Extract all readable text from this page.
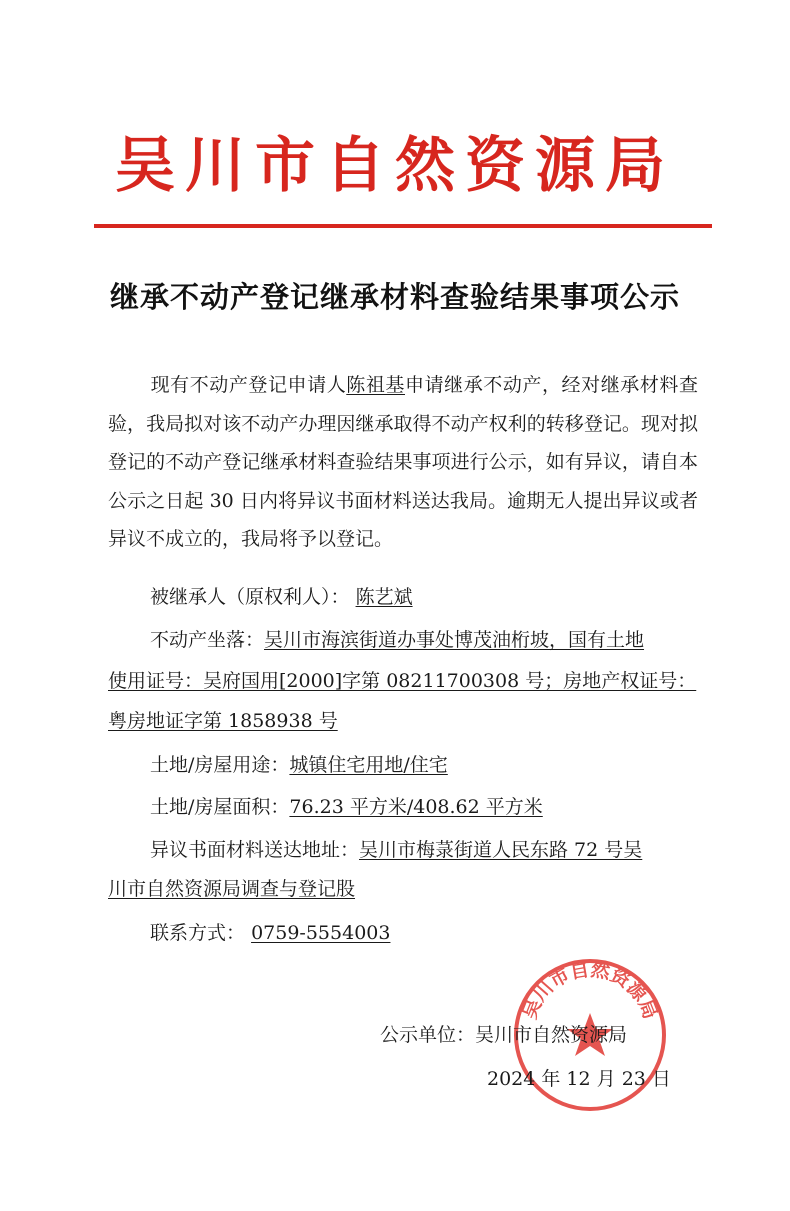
吴川市自然资源局
继承不动产登记继承材料查验结果事项公示
现有不动产登记申请人陈祖基申请继承不动产，经对继承材料查验，我局拟对该不动产办理因继承取得不动产权利的转移登记。现对拟登记的不动产登记继承材料查验结果事项进行公示，如有异议，请自本公示之日起 30 日内将异议书面材料送达我局。逾期无人提出异议或者异议不成立的，我局将予以登记。
被继承人（原权利人）： 陈艺斌
不动产坐落：吴川市海滨街道办事处博茂油桁坡，国有土地
使用证号：吴府国用[2000]字第 08211700308 号；房地产权证号：
粤房地证字第 1858938 号
土地/房屋用途：城镇住宅用地/住宅
土地/房屋面积：76.23 平方米/408.62 平方米
异议书面材料送达地址：吴川市梅菉街道人民东路 72 号吴
川市自然资源局调查与登记股
联系方式： 0759-5554003
吴川市自然资源局
公示单位：吴川市自然资源局
2024 年 12 月 23 日
